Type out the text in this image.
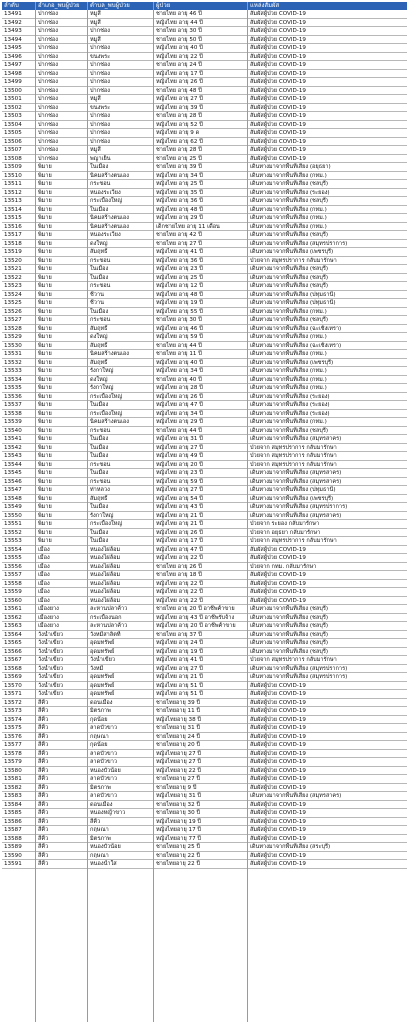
ลำดับ	อำเภอ_พบผู้ป่วย	ตำบล_พบผู้ป่วย	ผู้ป่วย	แหล่งสัมผัส
13491	ปากช่อง	หมูสี	ชายไทย อายุ 46 ปี	สัมผัสผู้ป่วย COVID-19
13492	ปากช่อง	หมูสี	หญิงไทย อายุ 44 ปี	สัมผัสผู้ป่วย COVID-19
13493	ปากช่อง	ปากช่อง	ชายไทย อายุ 30 ปี	สัมผัสผู้ป่วย COVID-19
13494	ปากช่อง	หมูสี	ชายไทย อายุ 50 ปี	สัมผัสผู้ป่วย COVID-19
13495	ปากช่อง	ปากช่อง	หญิงไทย อายุ 40 ปี	สัมผัสผู้ป่วย COVID-19
13496	ปากช่อง	ขนงพระ	หญิงไทย อายุ 22 ปี	สัมผัสผู้ป่วย COVID-19
13497	ปากช่อง	ปากช่อง	ชายไทย อายุ 24 ปี	สัมผัสผู้ป่วย COVID-19
13498	ปากช่อง	ปากช่อง	หญิงไทย อายุ 17 ปี	สัมผัสผู้ป่วย COVID-19
13499	ปากช่อง	ปากช่อง	หญิงไทย อายุ 26 ปี	สัมผัสผู้ป่วย COVID-19
13500	ปากช่อง	ปากช่อง	ชายไทย อายุ 48 ปี	สัมผัสผู้ป่วย COVID-19
13501	ปากช่อง	หมูสี	หญิงไทย อายุ 27 ปี	สัมผัสผู้ป่วย COVID-19
13502	ปากช่อง	ขนงพระ	หญิงไทย อายุ 39 ปี	สัมผัสผู้ป่วย COVID-19
13503	ปากช่อง	ปากช่อง	ชายไทย อายุ 28 ปี	สัมผัสผู้ป่วย COVID-19
13504	ปากช่อง	ปากช่อง	หญิงไทย อายุ 52 ปี	สัมผัสผู้ป่วย COVID-19
13505	ปากช่อง	ปากช่อง	หญิงไทย อายุ 9 ด	สัมผัสผู้ป่วย COVID-19
13506	ปากช่อง	ปากช่อง	หญิงไทย อายุ 62 ปี	สัมผัสผู้ป่วย COVID-19
13507	ปากช่อง	หมูสี	ชายไทย อายุ 28 ปี	สัมผัสผู้ป่วย COVID-19
13508	ปากช่อง	พญาเย็น	ชายไทย อายุ 25 ปี	สัมผัสผู้ป่วย COVID-19
13509	พิมาย	ในเมือง	ชายไทย อายุ 39 ปี	เดินทางมาจากพื้นที่เสี่ยง (อยุธยา)
13510	พิมาย	นิคมสร้างตนเอง	หญิงไทย อายุ 34 ปี	เดินทางมาจากพื้นที่เสี่ยง (กทม.)
13511	พิมาย	กระชอน	หญิงไทย อายุ 25 ปี	เดินทางมาจากพื้นที่เสี่ยง (ชลบุรี)
13512	พิมาย	หนองระเวียง	หญิงไทย อายุ 35 ปี	เดินทางมาจากพื้นที่เสี่ยง (ระยอง)
13513	พิมาย	กระเบื้องใหญ่	หญิงไทย อายุ 36 ปี	เดินทางมาจากพื้นที่เสี่ยง (ชลบุรี)
13514	พิมาย	ในเมือง	หญิงไทย อายุ 48 ปี	เดินทางมาจากพื้นที่เสี่ยง (กทม.)
13515	พิมาย	นิคมสร้างตนเอง	หญิงไทย อายุ 29 ปี	เดินทางมาจากพื้นที่เสี่ยง (กทม.)
13516	พิมาย	นิคมสร้างตนเอง	เด็กชายไทย อายุ 11 เดือน	เดินทางมาจากพื้นที่เสี่ยง (กทม.)
13517	พิมาย	หนองระเวียง	ชายไทย อายุ 42 ปี	เดินทางมาจากพื้นที่เสี่ยง (ชลบุรี)
13518	พิมาย	ดงใหญ่	ชายไทย อายุ 27 ปี	เดินทางมาจากพื้นที่เสี่ยง (สมุทรปราการ)
13519	พิมาย	สัมฤทธิ์	หญิงไทย อายุ 41 ปี	เดินทางมาจากพื้นที่เสี่ยง (เพชรบุรี)
13520	พิมาย	กระชอน	หญิงไทย อายุ 36 ปี	ป่วยจาก สมุทรปราการ กลับมารักษา
13521	พิมาย	ในเมือง	หญิงไทย อายุ 23 ปี	เดินทางมาจากพื้นที่เสี่ยง (ชลบุรี)
13522	พิมาย	ในเมือง	หญิงไทย อายุ 25 ปี	เดินทางมาจากพื้นที่เสี่ยง (ชลบุรี)
13523	พิมาย	กระชอน	หญิงไทย อายุ 12 ปี	เดินทางมาจากพื้นที่เสี่ยง (ชลบุรี)
13524	พิมาย	ชีวาน	หญิงไทย อายุ 48 ปี	เดินทางมาจากพื้นที่เสี่ยง (ปทุมธานี)
13525	พิมาย	ชีวาน	หญิงไทย อายุ 19 ปี	เดินทางมาจากพื้นที่เสี่ยง (ปทุมธานี)
13526	พิมาย	ในเมือง	หญิงไทย อายุ 55 ปี	เดินทางมาจากพื้นที่เสี่ยง (กทม.)
13527	พิมาย	กระชอน	ชายไทย อายุ 30 ปี	เดินทางมาจากพื้นที่เสี่ยง (ชลบุรี)
13528	พิมาย	สัมฤทธิ์	หญิงไทย อายุ 46 ปี	เดินทางมาจากพื้นที่เสี่ยง (ฉะเชิงเทรา)
13529	พิมาย	ดงใหญ่	หญิงไทย อายุ 59 ปี	เดินทางมาจากพื้นที่เสี่ยง (กทม.)
13530	พิมาย	สัมฤทธิ์	ชายไทย อายุ 44 ปี	เดินทางมาจากพื้นที่เสี่ยง (ฉะเชิงเทรา)
13531	พิมาย	นิคมสร้างตนเอง	ชายไทย อายุ 11 ปี	เดินทางมาจากพื้นที่เสี่ยง (กทม.)
13532	พิมาย	สัมฤทธิ์	หญิงไทย อายุ 40 ปี	เดินทางมาจากพื้นที่เสี่ยง (เพชรบุรี)
13533	พิมาย	รังกาใหญ่	หญิงไทย อายุ 34 ปี	เดินทางมาจากพื้นที่เสี่ยง (กทม.)
13534	พิมาย	ดงใหญ่	ชายไทย อายุ 40 ปี	เดินทางมาจากพื้นที่เสี่ยง (กทม.)
13535	พิมาย	รังกาใหญ่	หญิงไทย อายุ 28 ปี	เดินทางมาจากพื้นที่เสี่ยง (กทม.)
13536	พิมาย	กระเบื้องใหญ่	หญิงไทย อายุ 26 ปี	เดินทางมาจากพื้นที่เสี่ยง (ระยอง)
13537	พิมาย	ในเมือง	หญิงไทย อายุ 47 ปี	เดินทางมาจากพื้นที่เสี่ยง (ระยอง)
13538	พิมาย	กระเบื้องใหญ่	หญิงไทย อายุ 34 ปี	เดินทางมาจากพื้นที่เสี่ยง (ระยอง)
13539	พิมาย	นิคมสร้างตนเอง	หญิงไทย อายุ 29 ปี	เดินทางมาจากพื้นที่เสี่ยง (กทม.)
13540	พิมาย	กระชอน	ชายไทย อายุ 44 ปี	เดินทางมาจากพื้นที่เสี่ยง (ชลบุรี)
13541	พิมาย	ในเมือง	หญิงไทย อายุ 31 ปี	เดินทางมาจากพื้นที่เสี่ยง (สมุทรสาคร)
13542	พิมาย	ในเมือง	หญิงไทย อายุ 27 ปี	ป่วยจาก สมุทรปราการ กลับมารักษา
13543	พิมาย	ในเมือง	หญิงไทย อายุ 49 ปี	ป่วยจาก สมุทรปราการ กลับมารักษา
13544	พิมาย	กระชอน	หญิงไทย อายุ 20 ปี	ป่วยจาก สมุทรปราการ กลับมารักษา
13545	พิมาย	ในเมือง	หญิงไทย อายุ 23 ปี	เดินทางมาจากพื้นที่เสี่ยง (สมุทรสาคร)
13546	พิมาย	กระชอน	หญิงไทย อายุ 59 ปี	เดินทางมาจากพื้นที่เสี่ยง (สมุทรสาคร)
13547	พิมาย	ท่าหลวง	หญิงไทย อายุ 27 ปี	เดินทางมาจากพื้นที่เสี่ยง (ปทุมธานี)
13548	พิมาย	สัมฤทธิ์	หญิงไทย อายุ 54 ปี	เดินทางมาจากพื้นที่เสี่ยง (เพชรบุรี)
13549	พิมาย	ในเมือง	หญิงไทย อายุ 43 ปี	เดินทางมาจากพื้นที่เสี่ยง (สมุทรปราการ)
13550	พิมาย	รังกาใหญ่	หญิงไทย อายุ 21 ปี	เดินทางมาจากพื้นที่เสี่ยง (สมุทรสาคร)
13551	พิมาย	กระเบื้องใหญ่	หญิงไทย อายุ 21 ปี	ป่วยจาก ระยอง กลับมารักษา
13552	พิมาย	ในเมือง	หญิงไทย อายุ 26 ปี	ป่วยจาก อยุธยา กลับมารักษา
13553	พิมาย	ในเมือง	หญิงไทย อายุ 17 ปี	ป่วยจาก สมุทรปราการ กลับมารักษา
13554	เมือง	หนองไผ่ล้อม	หญิงไทย อายุ 47 ปี	สัมผัสผู้ป่วย COVID-19
13555	เมือง	หนองไผ่ล้อม	หญิงไทย อายุ 22 ปี	สัมผัสผู้ป่วย COVID-19
13556	เมือง	หนองไผ่ล้อม	ชายไทย อายุ 26 ปี	ป่วยจาก กทม. กลับมารักษา
13557	เมือง	หนองไผ่ล้อม	ชายไทย อายุ 18 ปี	สัมผัสผู้ป่วย COVID-19
13558	เมือง	หนองไผ่ล้อม	หญิงไทย อายุ 22 ปี	สัมผัสผู้ป่วย COVID-19
13559	เมือง	หนองไผ่ล้อม	หญิงไทย อายุ 22 ปี	สัมผัสผู้ป่วย COVID-19
13560	เมือง	หนองไผ่ล้อม	หญิงไทย อายุ 22 ปี	สัมผัสผู้ป่วย COVID-19
13561	เมืองยาง	ละหานปลาค้าว	ชายไทย อายุ 20 ปี อาชีพค้าขาย	เดินทางมาจากพื้นที่เสี่ยง (ชลบุรี)
13562	เมืองยาง	กระเบื้องนอก	หญิงไทย อายุ 43 ปี อาชีพรับจ้าง	เดินทางมาจากพื้นที่เสี่ยง (ชลบุรี)
13563	เมืองยาง	ละหานปลาค้าว	หญิงไทย อายุ 20 ปี อาชีพค้าขาย	เดินทางมาจากพื้นที่เสี่ยง (ชลบุรี)
13564	วังน้ำเขียว	วังหมีสาลิตที	ชายไทย อายุ 37 ปี	เดินทางมาจากพื้นที่เสี่ยง (ชลบุรี)
13565	วังน้ำเขียว	อุดมทรัพย์	หญิงไทย อายุ 24 ปี	เดินทางมาจากพื้นที่เสี่ยง (ชลบุรี)
13566	วังน้ำเขียว	อุดมทรัพย์	หญิงไทย อายุ 19 ปี	เดินทางมาจากพื้นที่เสี่ยง (ชลบุรี)
13567	วังน้ำเขียว	วังน้ำเขียว	หญิงไทย อายุ 41 ปี	ป่วยจาก สมุทรปราการ กลับมารักษา
13568	วังน้ำเขียว	วังหมี	หญิงไทย อายุ 27 ปี	เดินทางมาจากพื้นที่เสี่ยง (สมุทรปราการ)
13569	วังน้ำเขียว	อุดมทรัพย์	หญิงไทย อายุ 21 ปี	เดินทางมาจากพื้นที่เสี่ยง (สมุทรปราการ)
13570	วังน้ำเขียว	อุดมทรัพย์	หญิงไทย อายุ 51 ปี	สัมผัสผู้ป่วย COVID-19
13571	วังน้ำเขียว	อุดมทรัพย์	หญิงไทย อายุ 51 ปี	สัมผัสผู้ป่วย COVID-19
13572	สีคิ้ว	ดอนเมือง	ชายไทยอายุ 39 ปี	สัมผัสผู้ป่วย COVID-19
13573	สีคิ้ว	มิตรภาพ	ชายไทยอายุ 11 ปี	สัมผัสผู้ป่วย COVID-19
13574	สีคิ้ว	กุดน้อย	หญิงไทยอายุ 38 ปี	สัมผัสผู้ป่วย COVID-19
13575	สีคิ้ว	ลาดบัวขาว	ชายไทยอายุ 31 ปี	สัมผัสผู้ป่วย COVID-19
13576	สีคิ้ว	กฤษณา	ชายไทยอายุ 24 ปี	สัมผัสผู้ป่วย COVID-19
13577	สีคิ้ว	กุดน้อย	ชายไทยอายุ 20 ปี	สัมผัสผู้ป่วย COVID-19
13578	สีคิ้ว	ลาดบัวขาว	หญิงไทยอายุ 27 ปี	สัมผัสผู้ป่วย COVID-19
13579	สีคิ้ว	ลาดบัวขาว	หญิงไทยอายุ 27 ปี	สัมผัสผู้ป่วย COVID-19
13580	สีคิ้ว	หนองบัวน้อย	หญิงไทยอายุ 22 ปี	สัมผัสผู้ป่วย COVID-19
13581	สีคิ้ว	ลาดบัวขาว	ชายไทยอายุ 27 ปี	สัมผัสผู้ป่วย COVID-19
13582	สีคิ้ว	มิตรภาพ	ชายไทยอายุ 9 ปี	สัมผัสผู้ป่วย COVID-19
13583	สีคิ้ว	ลาดบัวขาว	หญิงไทยอายุ 31 ปี	เดินทางมาจากพื้นที่เสี่ยง (สมุทรสาคร)
13584	สีคิ้ว	ดอนเมือง	ชายไทยอายุ 32 ปี	สัมผัสผู้ป่วย COVID-19
13585	สีคิ้ว	หนองหญ้าขาว	ชายไทยอายุ 30 ปี	สัมผัสผู้ป่วย COVID-19
13586	สีคิ้ว	สีคิ้ว	หญิงไทยอายุ 19 ปี	สัมผัสผู้ป่วย COVID-19
13587	สีคิ้ว	กฤษณา	หญิงไทยอายุ 17 ปี	สัมผัสผู้ป่วย COVID-19
13588	สีคิ้ว	มิตรภาพ	หญิงไทยอายุ 77 ปี	สัมผัสผู้ป่วย COVID-19
13589	สีคิ้ว	หนองบัวน้อย	ชายไทยอายุ 25 ปี	เดินทางมาจากพื้นที่เสี่ยง (สระบุรี)
13590	สีคิ้ว	กฤษณา	ชายไทยอายุ 22 ปี	สัมผัสผู้ป่วย COVID-19
13591	สีคิ้ว	หนองน้ำใส	ชายไทยอายุ 22 ปี	สัมผัสผู้ป่วย COVID-19
